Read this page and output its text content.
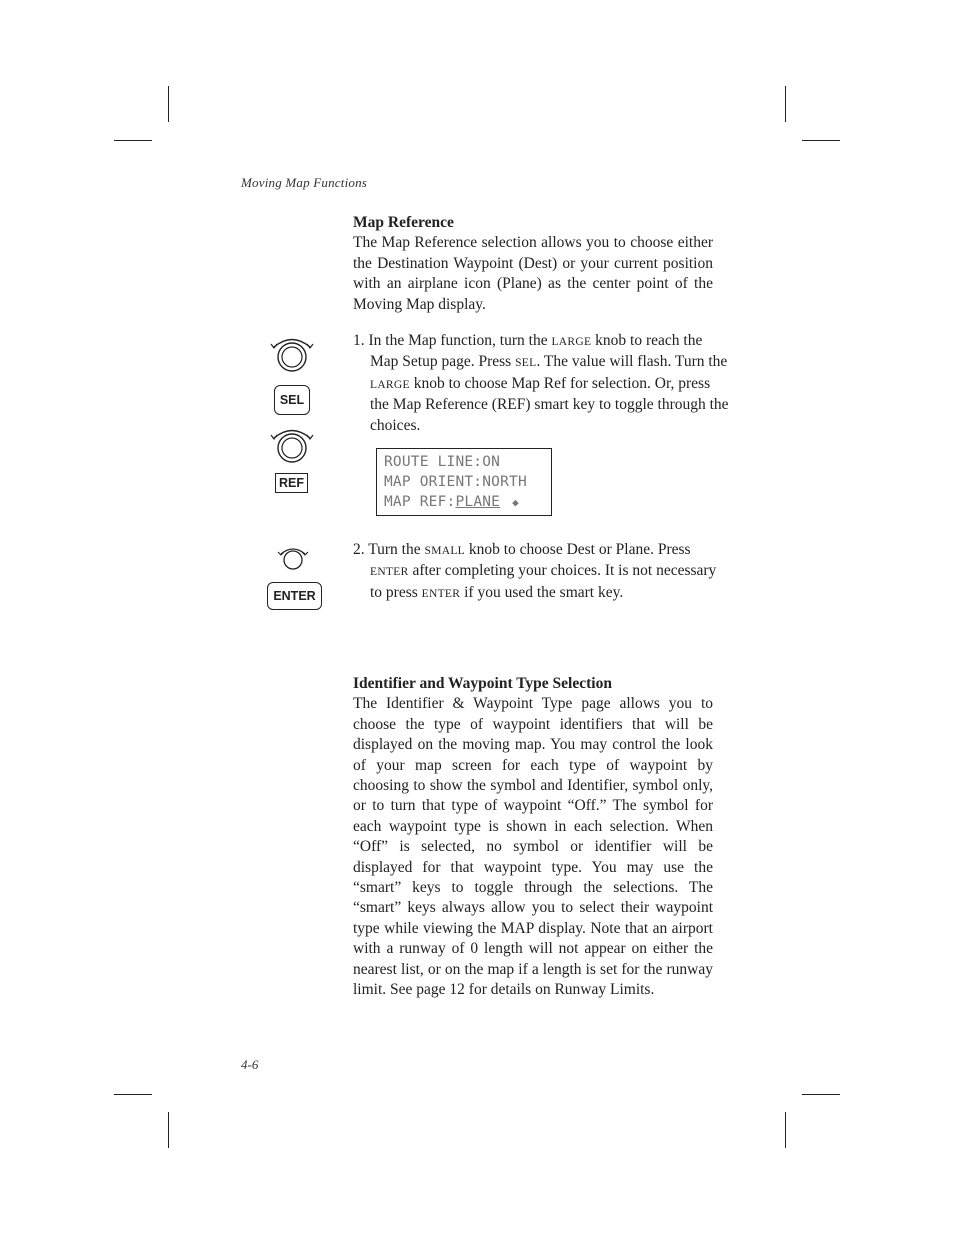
Moving Map Functions
Map Reference
The Map Reference selection allows you to choose either the Destination Waypoint (Dest) or your current position with an airplane icon (Plane) as the center point of the Moving Map display.
1. In the Map function, turn the LARGE knob to reach the Map Setup page. Press SEL. The value will flash. Turn the LARGE knob to choose Map Ref for selection. Or, press the Map Reference (REF) smart key to toggle through the choices.
ROUTE LINE:ON
MAP ORIENT:NORTH
MAP REF:PLANE ◆
2. Turn the SMALL knob to choose Dest or Plane. Press ENTER after completing your choices. It is not necessary to press ENTER if you used the smart key.
SEL
REF
ENTER
Identifier and Waypoint Type Selection
The Identifier & Waypoint Type page allows you to choose the type of waypoint identifiers that will be displayed on the moving map. You may control the look of your map screen for each type of waypoint by choosing to show the symbol and Identifier, symbol only, or to turn that type of waypoint “Off.” The symbol for each waypoint type is shown in each selection. When “Off” is selected, no symbol or identifier will be displayed for that waypoint type. You may use the “smart” keys to toggle through the selections. The “smart” keys always allow you to select their waypoint type while viewing the MAP display. Note that an airport with a runway of 0 length will not appear on either the nearest list, or on the map if a length is set for the runway limit. See page 12 for details on Runway Limits.
4-6
